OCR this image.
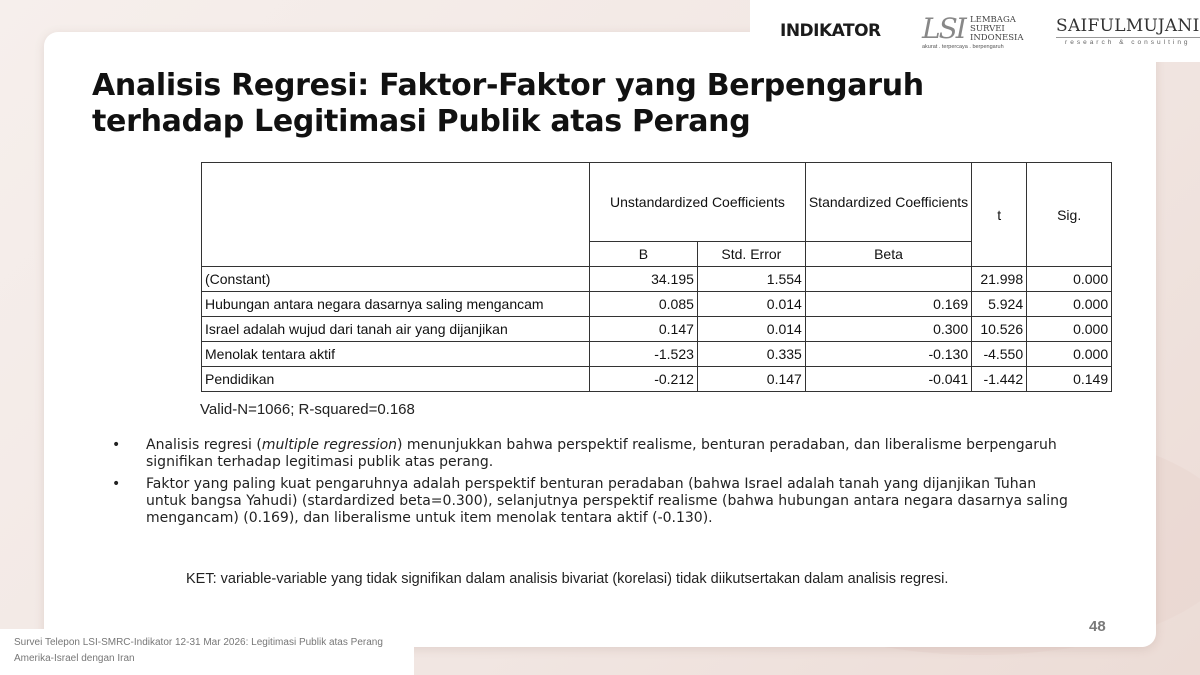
INDIKATOR LSI LEMBAGA
SURVEI
INDONESIA
akurat . terpercaya . berpengaruh
SAIFULMUJANI
research & consulting
Analisis Regresi: Faktor-Faktor yang Berpengaruh terhadap Legitimasi Publik atas Perang
	Unstandardized Coefficients		Standardized Coefficients	t	Sig.
	B	Std. Error	Beta		
(Constant)	34.195	1.554		21.998	0.000
Hubungan antara negara dasarnya saling mengancam	0.085	0.014	0.169	5.924	0.000
Israel adalah wujud dari tanah air yang dijanjikan	0.147	0.014	0.300	10.526	0.000
Menolak tentara aktif	-1.523	0.335	-0.130	-4.550	0.000
Pendidikan	-0.212	0.147	-0.041	-1.442	0.149
Valid-N=1066; R-squared=0.168
• Analisis regresi (multiple regression) menunjukkan bahwa perspektif realisme, benturan peradaban, dan liberalisme berpengaruh signifikan terhadap legitimasi publik atas perang.
• Faktor yang paling kuat pengaruhnya adalah perspektif benturan peradaban (bahwa Israel adalah tanah yang dijanjikan Tuhan untuk bangsa Yahudi) (stardardized beta=0.300), selanjutnya perspektif realisme (bahwa hubungan antara negara dasarnya saling mengancam) (0.169), dan liberalisme untuk item menolak tentara aktif (-0.130).
KET: variable-variable yang tidak signifikan dalam analisis bivariat (korelasi) tidak diikutsertakan dalam analisis regresi.
48
Survei Telepon LSI-SMRC-Indikator 12-31 Mar 2026: Legitimasi Publik atas Perang Amerika-Israel dengan Iran
